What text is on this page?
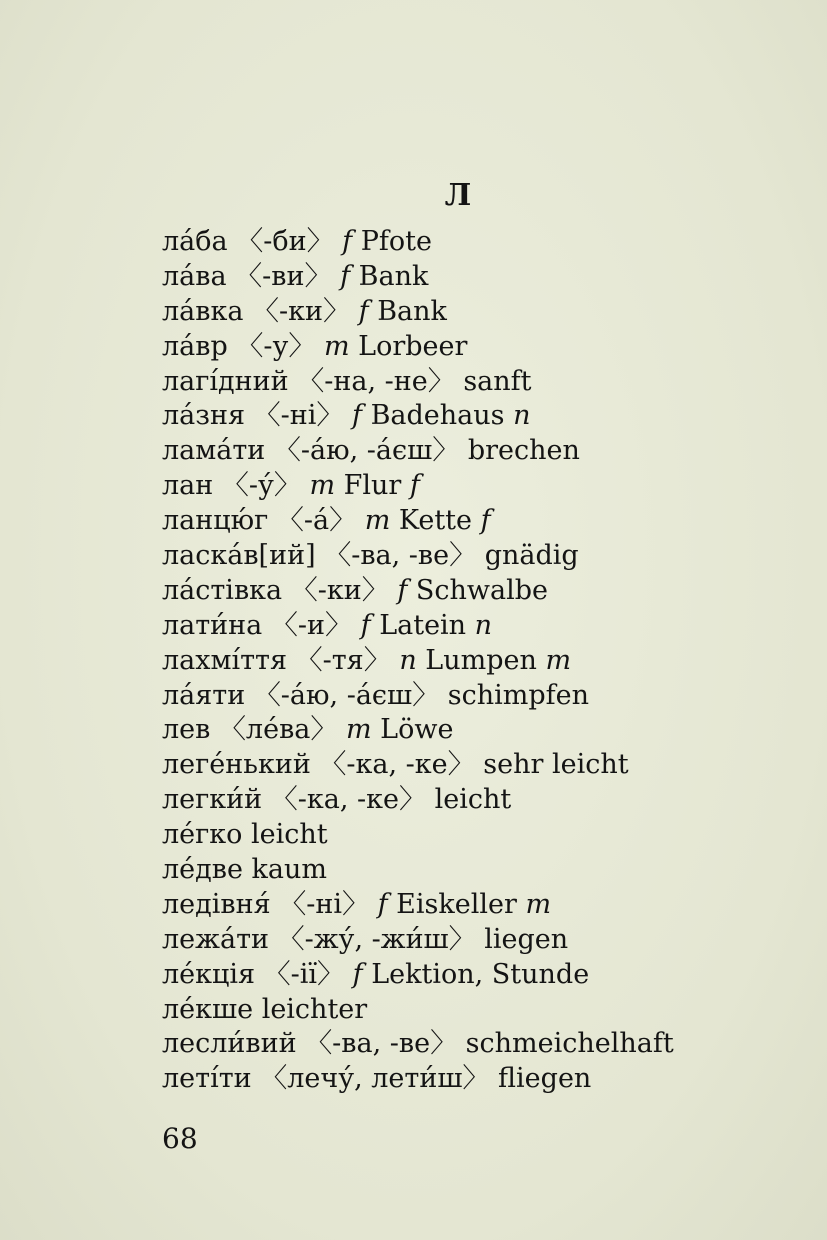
Л
ла́ба 〈-би〉 f Pfote
ла́ва 〈-ви〉 f Bank
ла́вка 〈-ки〉 f Bank
ла́вр 〈-у〉 m Lorbeer
лагі́дний 〈-на, -не〉 sanft
ла́зня 〈-ні〉 f Badehaus n
лама́ти 〈-а́ю, -а́єш〉 brechen
лан 〈-у́〉 m Flur f
ланцю́г 〈-а́〉 m Kette f
ласка́в[ий] 〈-ва, -ве〉 gnädig
ла́стівка 〈-ки〉 f Schwalbe
лати́на 〈-и〉 f Latein n
лахмі́ття 〈-тя〉 n Lumpen m
ла́яти 〈-а́ю, -а́єш〉 schimpfen
лев 〈ле́ва〉 m Löwe
леге́нький 〈-ка, -ке〉 sehr leicht
легки́й 〈-ка, -ке〉 leicht
ле́гко leicht
ле́две kaum
ледівня́ 〈-ні〉 f Eiskeller m
лежа́ти 〈-жу́, -жи́ш〉 liegen
ле́кція 〈-ії〉 f Lektion, Stunde
ле́кше leichter
лесли́вий 〈-ва, -ве〉 schmeichelhaft
леті́ти 〈лечу́, лети́ш〉 fliegen
68
